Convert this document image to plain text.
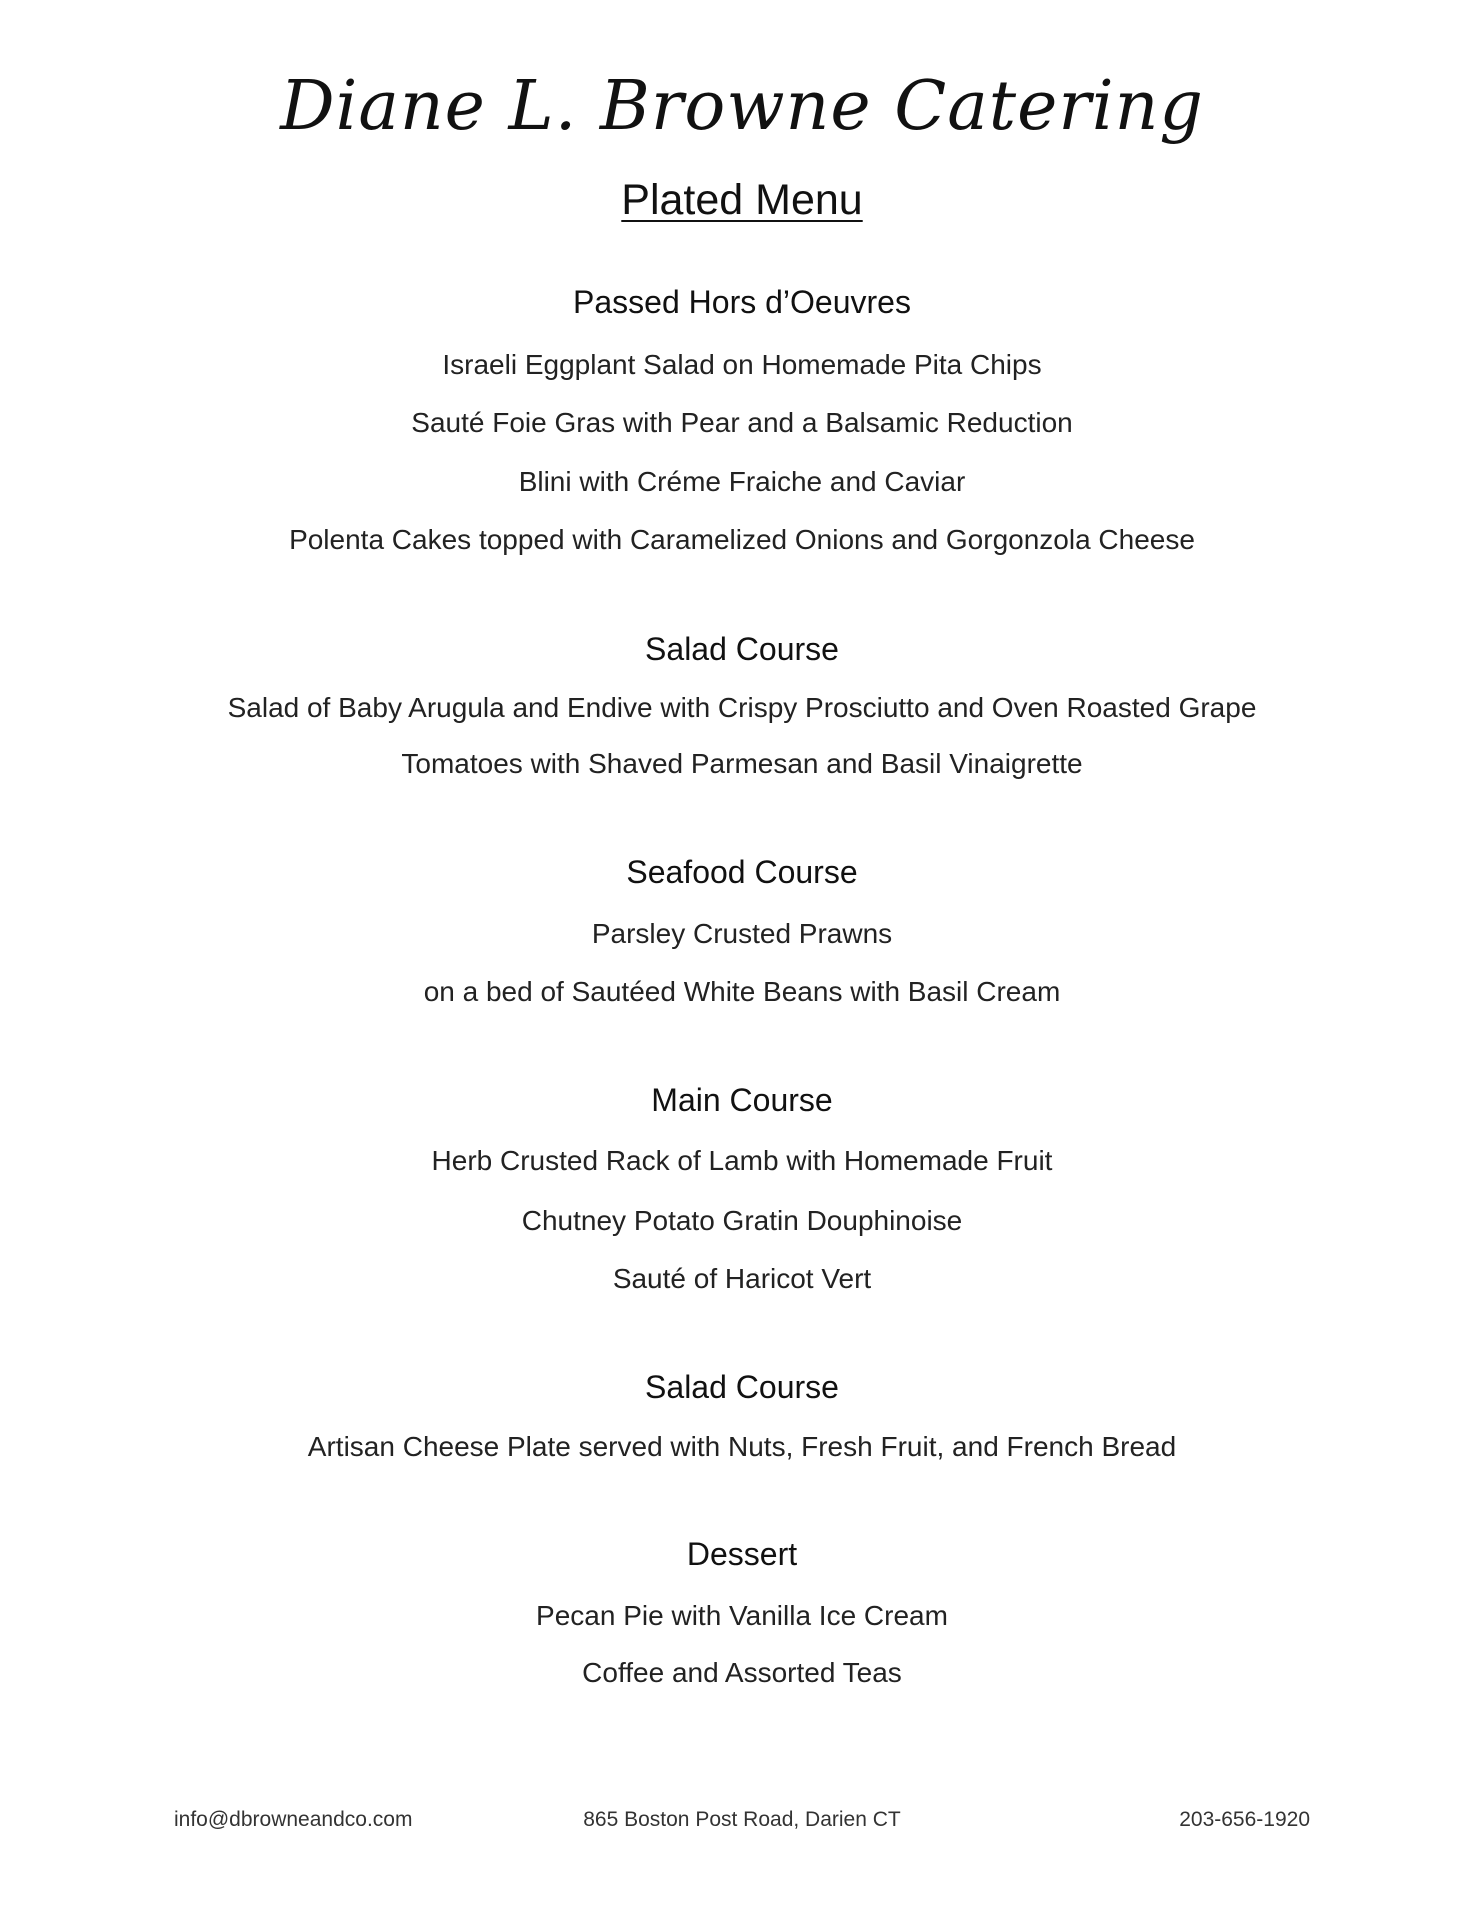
Diane L. Browne Catering
Plated Menu
Passed Hors d’Oeuvres
Israeli Eggplant Salad on Homemade Pita Chips
Sauté Foie Gras with Pear and a Balsamic Reduction
Blini with Créme Fraiche and Caviar
Polenta Cakes topped with Caramelized Onions and Gorgonzola Cheese
Salad Course
Salad of Baby Arugula and Endive with Crispy Prosciutto and Oven Roasted Grape
Tomatoes with Shaved Parmesan and Basil Vinaigrette
Seafood Course
Parsley Crusted Prawns
on a bed of Sautéed White Beans with Basil Cream
Main Course
Herb Crusted Rack of Lamb with Homemade Fruit
Chutney Potato Gratin Douphinoise
Sauté of Haricot Vert
Salad Course
Artisan Cheese Plate served with Nuts, Fresh Fruit, and French Bread
Dessert
Pecan Pie with Vanilla Ice Cream
Coffee and Assorted Teas
info@dbrowneandco.com	865 Boston Post Road, Darien CT	203-656-1920
